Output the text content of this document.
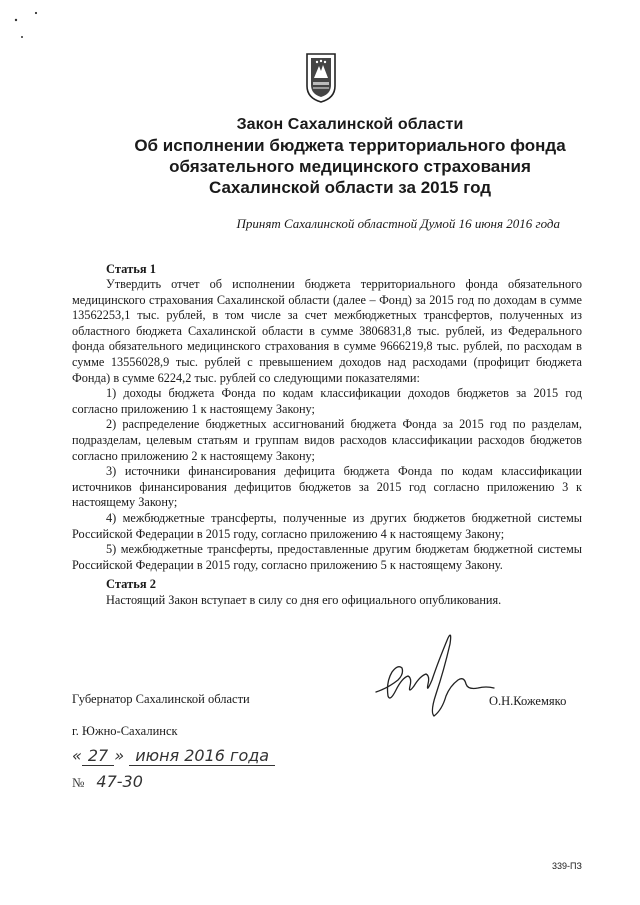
Закон Сахалинской области
Об исполнении бюджета территориального фонда
обязательного медицинского страхования
Сахалинской области за 2015 год
Принят Сахалинской областной Думой 16 июня 2016 года
Статья 1

Утвердить отчет об исполнении бюджета территориального фонда обязательного медицинского страхования Сахалинской области (далее – Фонд) за 2015 год по доходам в сумме 13562253,1 тыс. рублей, в том числе за счет межбюджетных трансфертов, полученных из областного бюджета Сахалинской области в сумме 3806831,8 тыс. рублей, из Федерального фонда обязательного медицинского страхования в сумме 9666219,8 тыс. рублей, по расходам в сумме 13556028,9 тыс. рублей с превышением доходов над расходами (профицит бюджета Фонда) в сумме 6224,2 тыс. рублей со следующими показателями:

1) доходы бюджета Фонда по кодам классификации доходов бюджетов за 2015 год согласно приложению 1 к настоящему Закону;

2) распределение бюджетных ассигнований бюджета Фонда за 2015 год по разделам, подразделам, целевым статьям и группам видов расходов классификации расходов бюджетов согласно приложению 2 к настоящему Закону;

3) источники финансирования дефицита бюджета Фонда по кодам классификации источников финансирования дефицитов бюджетов за 2015 год согласно приложению 3 к настоящему Закону;

4) межбюджетные трансферты, полученные из других бюджетов бюджетной системы Российской Федерации в 2015 году, согласно приложению 4 к настоящему Закону;

5) межбюджетные трансферты, предоставленные другим бюджетам бюджетной системы Российской Федерации в 2015 году, согласно приложению 5 к настоящему Закону.

Статья 2

Настоящий Закон вступает в силу со дня его официального опубликования.

Губернатор Сахалинской области	О.Н.Кожемяко
г. Южно-Сахалинск
« 27 » июня 2016 года
№ 47-30
339-ПЗ
